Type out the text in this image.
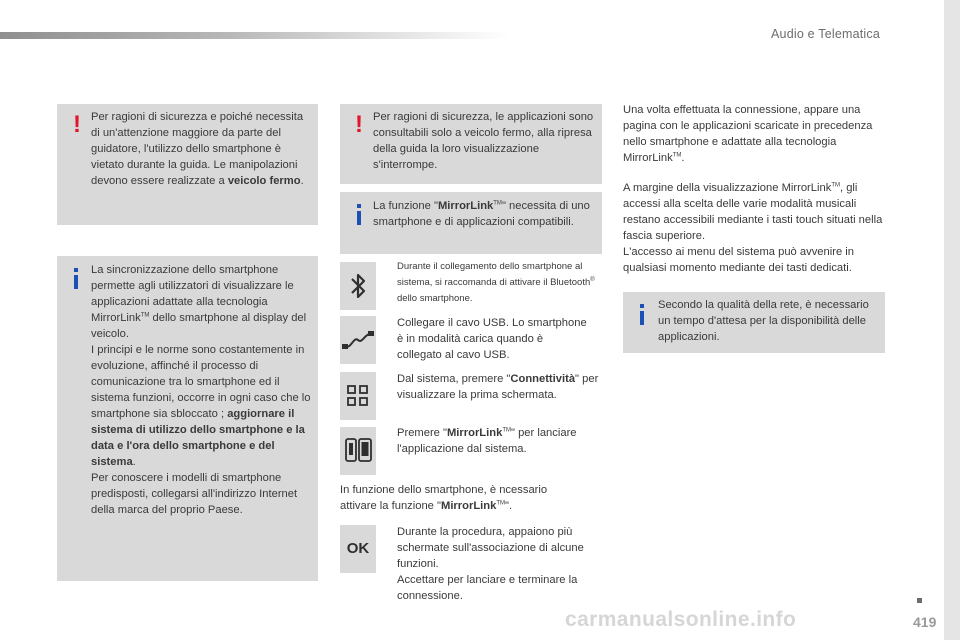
Audio e Telematica
! Per ragioni di sicurezza e poiché necessita di un'attenzione maggiore da parte del guidatore, l'utilizzo dello smartphone è vietato durante la guida. Le manipolazioni devono essere realizzate a veicolo fermo.
La sincronizzazione dello smartphone permette agli utilizzatori di visualizzare le applicazioni adattate alla tecnologia MirrorLink™ dello smartphone al display del veicolo.
I principi e le norme sono costantemente in evoluzione, affinché il processo di comunicazione tra lo smartphone ed il sistema funzioni, occorre in ogni caso che lo smartphone sia sbloccato ; aggiornare il sistema di utilizzo dello smartphone e la data e l'ora dello smartphone e del sistema.
Per conoscere i modelli di smartphone predisposti, collegarsi all'indirizzo Internet della marca del proprio Paese.
! Per ragioni di sicurezza, le applicazioni sono consultabili solo a veicolo fermo, alla ripresa della guida la loro visualizzazione s'interrompe.
La funzione "MirrorLink™" necessita di uno smartphone e di applicazioni compatibili.
Durante il collegamento dello smartphone al sistema, si raccomanda di attivare il Bluetooth® dello smartphone.
Collegare il cavo USB. Lo smartphone è in modalità carica quando è collegato al cavo USB.
Dal sistema, premere "Connettività" per visualizzare la prima schermata.
Premere "MirrorLink™" per lanciare l'applicazione dal sistema.
In funzione dello smartphone, è ncessario attivare la funzione "MirrorLink™".
OK
Durante la procedura, appaiono più schermate sull'associazione di alcune funzioni.
Accettare per lanciare e terminare la connessione.
Una volta effettuata la connessione, appare una pagina con le applicazioni scaricate in precedenza nello smartphone e adattate alla tecnologia MirrorLink™.
A margine della visualizzazione MirrorLink™, gli accessi alla scelta delle varie modalità musicali restano accessibili mediante i tasti touch situati nella fascia superiore.
L'accesso ai menu del sistema può avvenire in qualsiasi momento mediante dei tasti dedicati.
Secondo la qualità della rete, è necessario un tempo d'attesa per la disponibilità delle applicazioni.
419
carmanualsonline.info
